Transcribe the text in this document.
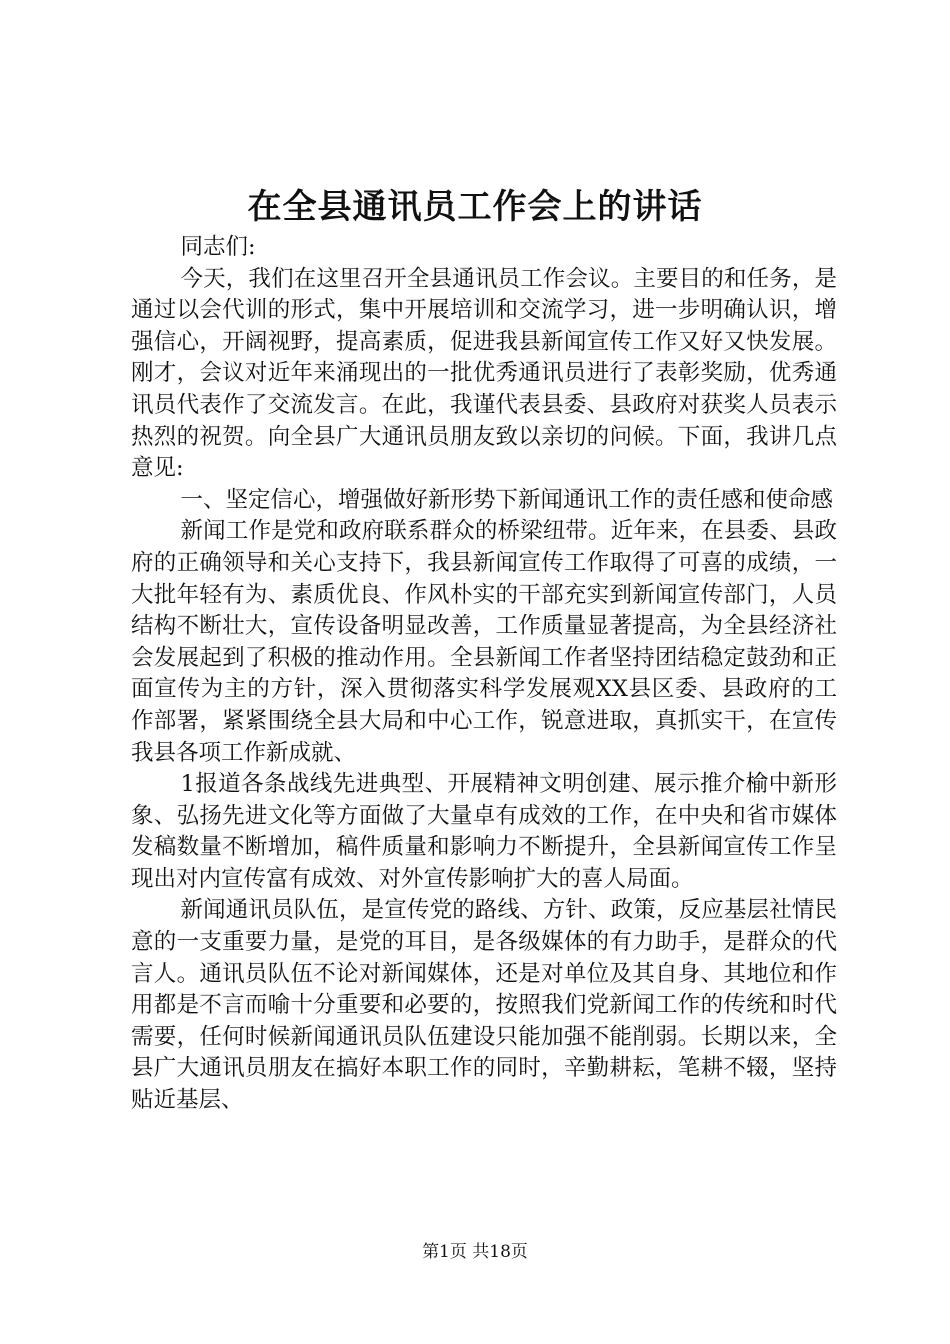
在全县通讯员工作会上的讲话

同志们:

今天，我们在这里召开全县通讯员工作会议。主要目的和任务，是通过以会代训的形式，集中开展培训和交流学习，进一步明确认识，增强信心，开阔视野，提高素质，促进我县新闻宣传工作又好又快发展。刚才，会议对近年来涌现出的一批优秀通讯员进行了表彰奖励，优秀通讯员代表作了交流发言。在此，我谨代表县委、县政府对获奖人员表示热烈的祝贺。向全县广大通讯员朋友致以亲切的问候。下面，我讲几点意见:

一、坚定信心，增强做好新形势下新闻通讯工作的责任感和使命感

新闻工作是党和政府联系群众的桥梁纽带。近年来，在县委、县政府的正确领导和关心支持下，我县新闻宣传工作取得了可喜的成绩，一大批年轻有为、素质优良、作风朴实的干部充实到新闻宣传部门，人员结构不断壮大，宣传设备明显改善，工作质量显著提高，为全县经济社会发展起到了积极的推动作用。全县新闻工作者坚持团结稳定鼓劲和正面宣传为主的方针，深入贯彻落实科学发展观XX县区委、县政府的工作部署，紧紧围绕全县大局和中心工作，锐意进取，真抓实干，在宣传我县各项工作新成就、

1报道各条战线先进典型、开展精神文明创建、展示推介榆中新形象、弘扬先进文化等方面做了大量卓有成效的工作，在中央和省市媒体发稿数量不断增加，稿件质量和影响力不断提升，全县新闻宣传工作呈现出对内宣传富有成效、对外宣传影响扩大的喜人局面。

新闻通讯员队伍，是宣传党的路线、方针、政策，反应基层社情民意的一支重要力量，是党的耳目，是各级媒体的有力助手，是群众的代言人。通讯员队伍不论对新闻媒体，还是对单位及其自身、其地位和作用都是不言而喻十分重要和必要的，按照我们党新闻工作的传统和时代需要，任何时候新闻通讯员队伍建设只能加强不能削弱。长期以来，全县广大通讯员朋友在搞好本职工作的同时，辛勤耕耘，笔耕不辍，坚持贴近基层、

第1页 共18页
